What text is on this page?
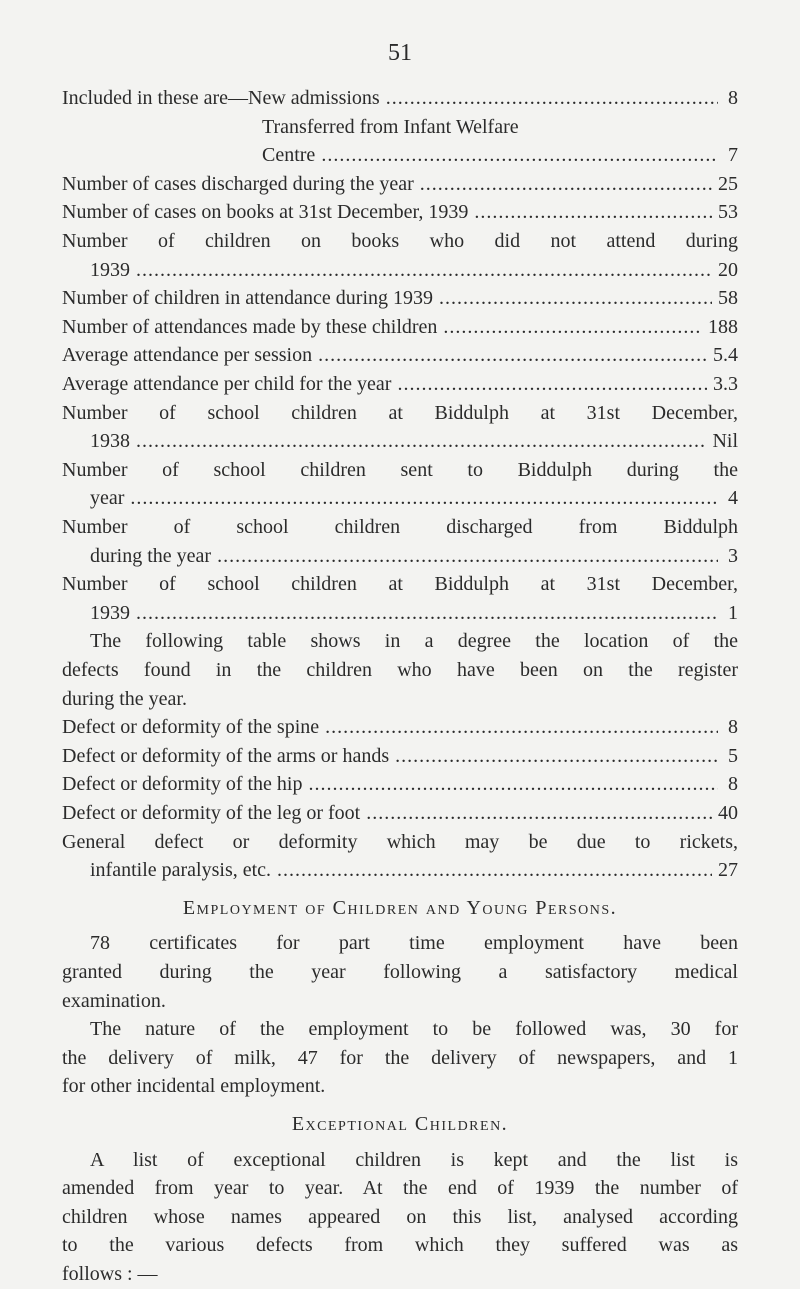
51
Included in these are—New admissions .....	8
Transferred from Infant Welfare
Centre .....	7
Number of cases discharged during the year .....	25
Number of cases on books at 31st December, 1939 .....	53
Number of children on books who did not attend during
1939 .....	20
Number of children in attendance during 1939 .....	58
Number of attendances made by these children .....	188
Average attendance per session .....	5.4
Average attendance per child for the year .....	3.3
Number of school children at Biddulph at 31st December,
1938 .....	Nil
Number of school children sent to Biddulph during the
year .....	4
Number of school children discharged from Biddulph
during the year .....	3
Number of school children at Biddulph at 31st December,
1939 .....	1
The following table shows in a degree the location of the
defects found in the children who have been on the register
during the year.
Defect or deformity of the spine .....	8
Defect or deformity of the arms or hands .....	5
Defect or deformity of the hip .....	8
Defect or deformity of the leg or foot .....	40
General defect or deformity which may be due to rickets,
infantile paralysis, etc. .....	27
Employment of Children and Young Persons.
78 certificates for part time employment have been
granted during the year following a satisfactory medical
examination.
The nature of the employment to be followed was, 30 for
the delivery of milk, 47 for the delivery of newspapers, and 1
for other incidental employment.
Exceptional Children.
A list of exceptional children is kept and the list is
amended from year to year. At the end of 1939 the number of
children whose names appeared on this list, analysed according
to the various defects from which they suffered was as
follows : —
